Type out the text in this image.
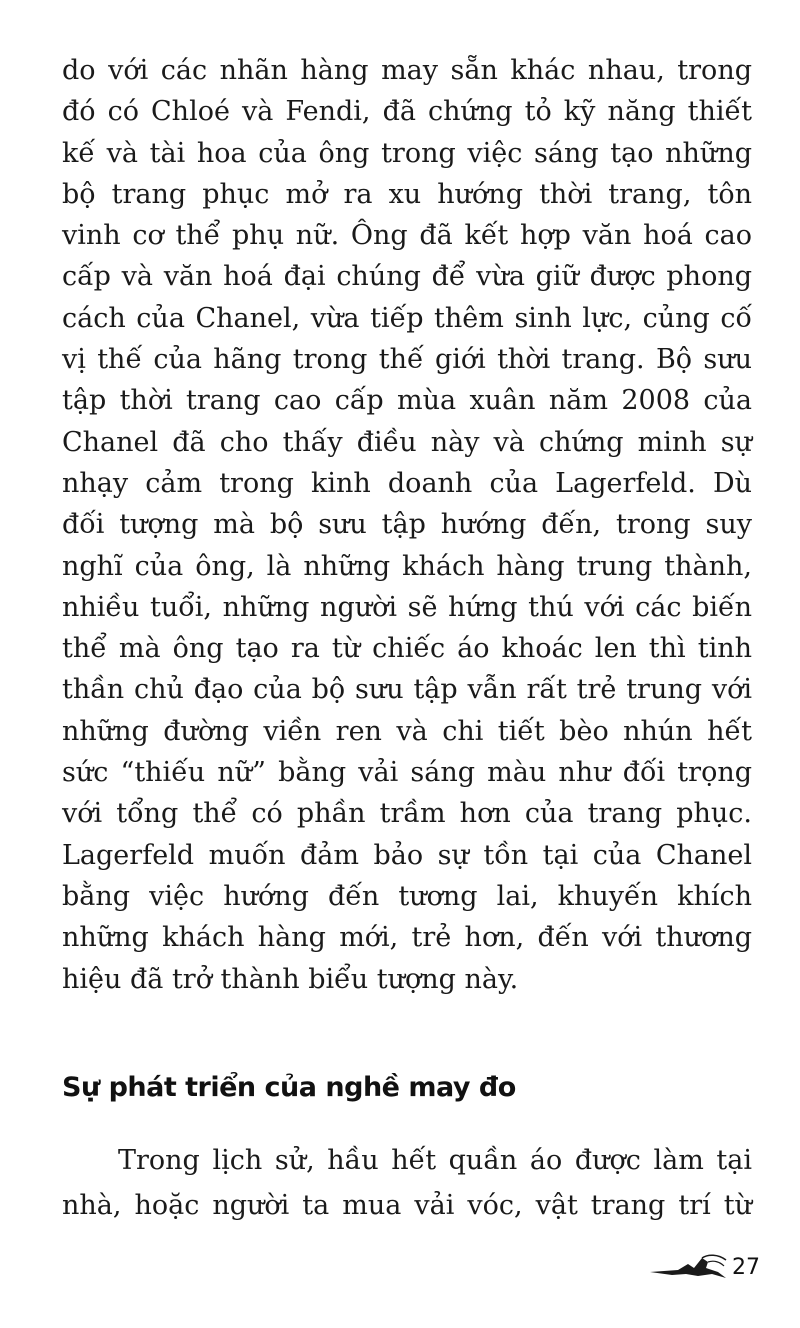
do với các nhãn hàng may sẵn khác nhau, trong
đó có Chloé và Fendi, đã chứng tỏ kỹ năng thiết
kế và tài hoa của ông trong việc sáng tạo những
bộ trang phục mở ra xu hướng thời trang, tôn
vinh cơ thể phụ nữ. Ông đã kết hợp văn hoá cao
cấp và văn hoá đại chúng để vừa giữ được phong
cách của Chanel, vừa tiếp thêm sinh lực, củng cố
vị thế của hãng trong thế giới thời trang. Bộ sưu
tập thời trang cao cấp mùa xuân năm 2008 của
Chanel đã cho thấy điều này và chứng minh sự
nhạy cảm trong kinh doanh của Lagerfeld. Dù
đối tượng mà bộ sưu tập hướng đến, trong suy
nghĩ của ông, là những khách hàng trung thành,
nhiều tuổi, những người sẽ hứng thú với các biến
thể mà ông tạo ra từ chiếc áo khoác len thì tinh
thần chủ đạo của bộ sưu tập vẫn rất trẻ trung với
những đường viền ren và chi tiết bèo nhún hết
sức “thiếu nữ” bằng vải sáng màu như đối trọng
với tổng thể có phần trầm hơn của trang phục.
Lagerfeld muốn đảm bảo sự tồn tại của Chanel
bằng việc hướng đến tương lai, khuyến khích
những khách hàng mới, trẻ hơn, đến với thương
hiệu đã trở thành biểu tượng này.
Sự phát triển của nghề may đo
Trong lịch sử, hầu hết quần áo được làm tại
nhà, hoặc người ta mua vải vóc, vật trang trí từ
27
